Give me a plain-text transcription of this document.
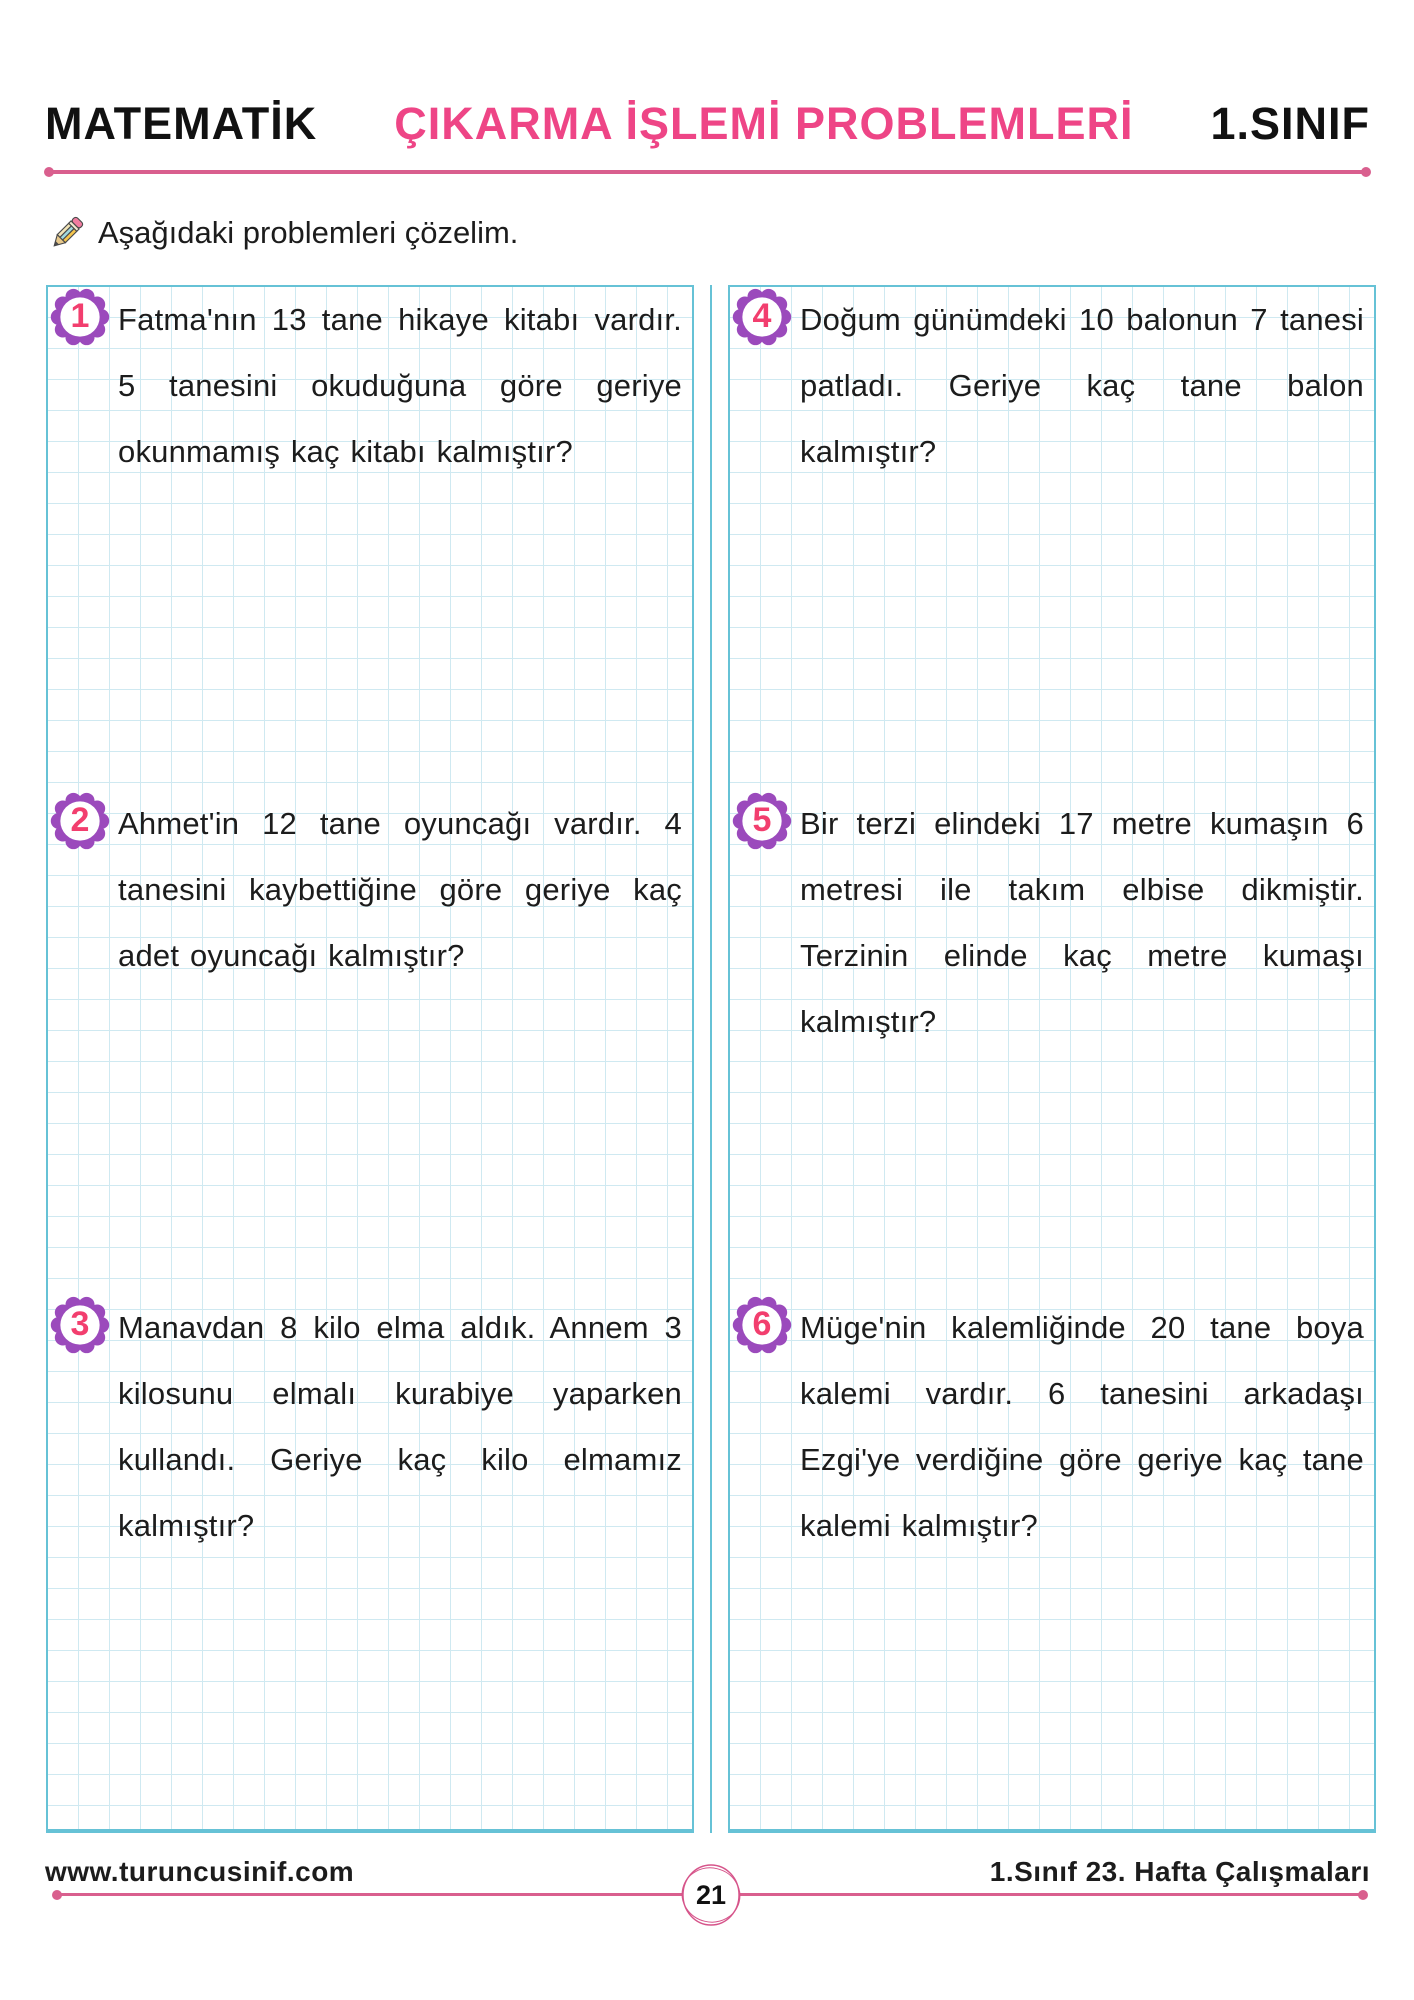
MATEMATİK ÇIKARMA İŞLEMİ PROBLEMLERİ 1.SINIF
Aşağıdaki problemleri çözelim.
1 Fatma'nın 13 tane hikaye kitabı vardır. 5 tanesini okuduğuna göre geriye okunmamış kaç kitabı kalmıştır?
2 Ahmet'in 12 tane oyuncağı vardır. 4 tanesini kaybettiğine göre geriye kaç adet oyuncağı kalmıştır?
3 Manavdan 8 kilo elma aldık. Annem 3 kilosunu elmalı kurabiye yaparken kullandı. Geriye kaç kilo elmamız kalmıştır?
4 Doğum günümdeki 10 balonun 7 tanesi patladı. Geriye kaç tane balon kalmıştır?
5 Bir terzi elindeki 17 metre kumaşın 6 metresi ile takım elbise dikmiştir. Terzinin elinde kaç metre kumaşı kalmıştır?
6 Müge'nin kalemliğinde 20 tane boya kalemi vardır. 6 tanesini arkadaşı Ezgi'ye verdiğine göre geriye kaç tane kalemi kalmıştır?
www.turuncusinif.com	1.Sınıf 23. Hafta Çalışmaları
21
